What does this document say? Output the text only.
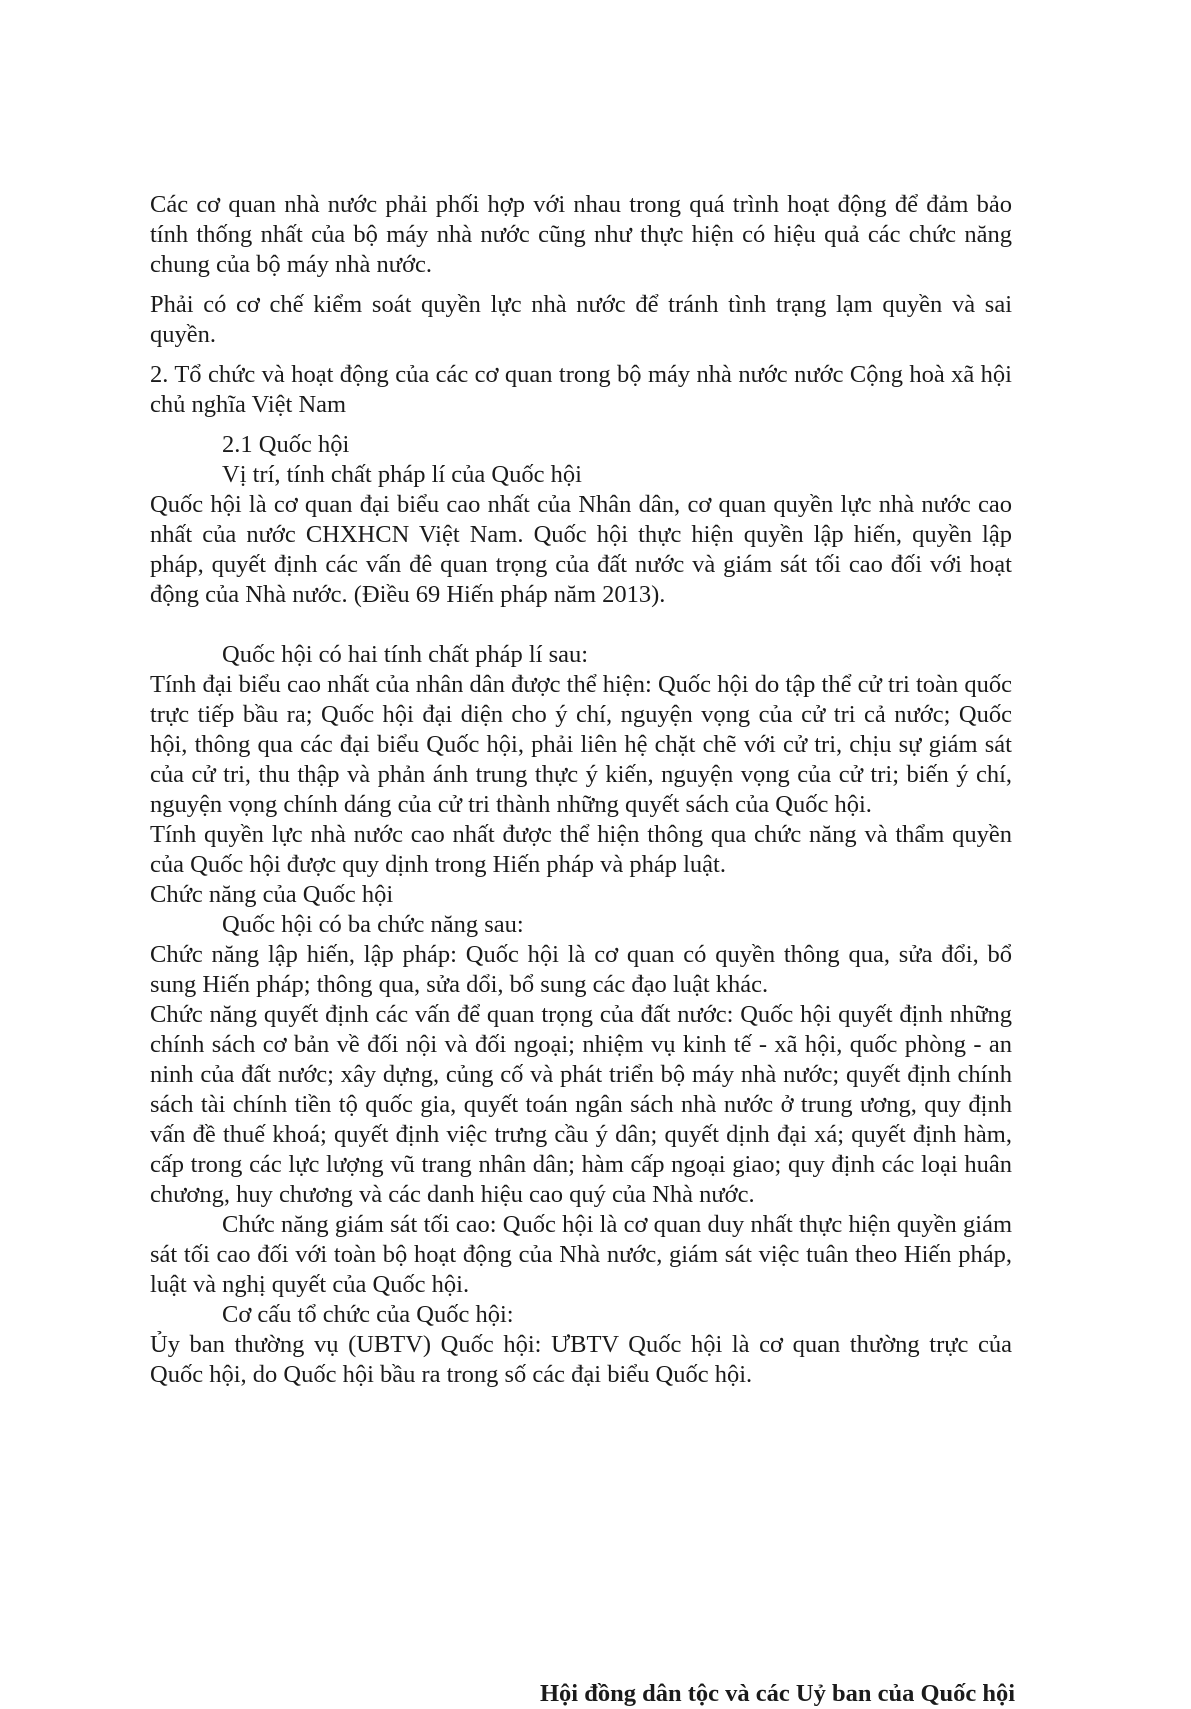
Các cơ quan nhà nước phải phối hợp với nhau trong quá trình hoạt động để đảm bảo tính thống nhất của bộ máy nhà nước cũng như thực hiện có hiệu quả các chức năng chung của bộ máy nhà nước.

Phải có cơ chế kiểm soát quyền lực nhà nước để tránh tình trạng lạm quyền và sai quyền.

2. Tổ chức và hoạt động của các cơ quan trong bộ máy nhà nước nước Cộng hoà xã hội chủ nghĩa Việt Nam

2.1 Quốc hội

Vị trí, tính chất pháp lí của Quốc hội

Quốc hội là cơ quan đại biểu cao nhất của Nhân dân, cơ quan quyền lực nhà nước cao nhất của nước CHXHCN Việt Nam. Quốc hội thực hiện quyền lập hiến, quyền lập pháp, quyết định các vấn đê quan trọng của đất nước và giám sát tối cao đối với hoạt động của Nhà nước. (Điều 69 Hiến pháp năm 2013).

Quốc hội có hai tính chất pháp lí sau:

Tính đại biểu cao nhất của nhân dân được thể hiện: Quốc hội do tập thể cử tri toàn quốc trực tiếp bầu ra; Quốc hội đại diện cho ý chí, nguyện vọng của cử tri cả nước; Quốc hội, thông qua các đại biểu Quốc hội, phải liên hệ chặt chẽ với cử tri, chịu sự giám sát của cử tri, thu thập và phản ánh trung thực ý kiến, nguyện vọng của cử tri; biến ý chí, nguyện vọng chính dáng của cử tri thành những quyết sách của Quốc hội.

Tính quyền lực nhà nước cao nhất được thể hiện thông qua chức năng và thẩm quyền của Quốc hội được quy dịnh trong Hiến pháp và pháp luật.

Chức năng của Quốc hội

Quốc hội có ba chức năng sau:

Chức năng lập hiến, lập pháp: Quốc hội là cơ quan có quyền thông qua, sửa đổi, bổ sung Hiến pháp; thông qua, sửa dổi, bổ sung các đạo luật khác.

Chức năng quyết định các vấn để quan trọng của đất nước: Quốc hội quyết định những chính sách cơ bản về đối nội và đối ngoại; nhiệm vụ kinh tế - xã hội, quốc phòng - an ninh của đất nước; xây dựng, củng cố và phát triển bộ máy nhà nước; quyết định chính sách tài chính tiền tộ quốc gia, quyết toán ngân sách nhà nước ở trung ương, quy định vấn đề thuế khoá; quyết định việc trưng cầu ý dân; quyết dịnh đại xá; quyết định hàm, cấp trong các lực lượng vũ trang nhân dân; hàm cấp ngoại giao; quy định các loại huân chương, huy chương và các danh hiệu cao quý của Nhà nước.

Chức năng giám sát tối cao: Quốc hội là cơ quan duy nhất thực hiện quyền giám sát tối cao đối với toàn bộ hoạt động của Nhà nước, giám sát việc tuân theo Hiến pháp, luật và nghị quyết của Quốc hội.

Cơ cấu tổ chức của Quốc hội:

Ủy ban thường vụ (UBTV) Quốc hội: ƯBTV Quốc hội là cơ quan thường trực của Quốc hội, do Quốc hội bầu ra trong số các đại biểu Quốc hội.

Hội đồng dân tộc và các Uỷ ban của Quốc hội
